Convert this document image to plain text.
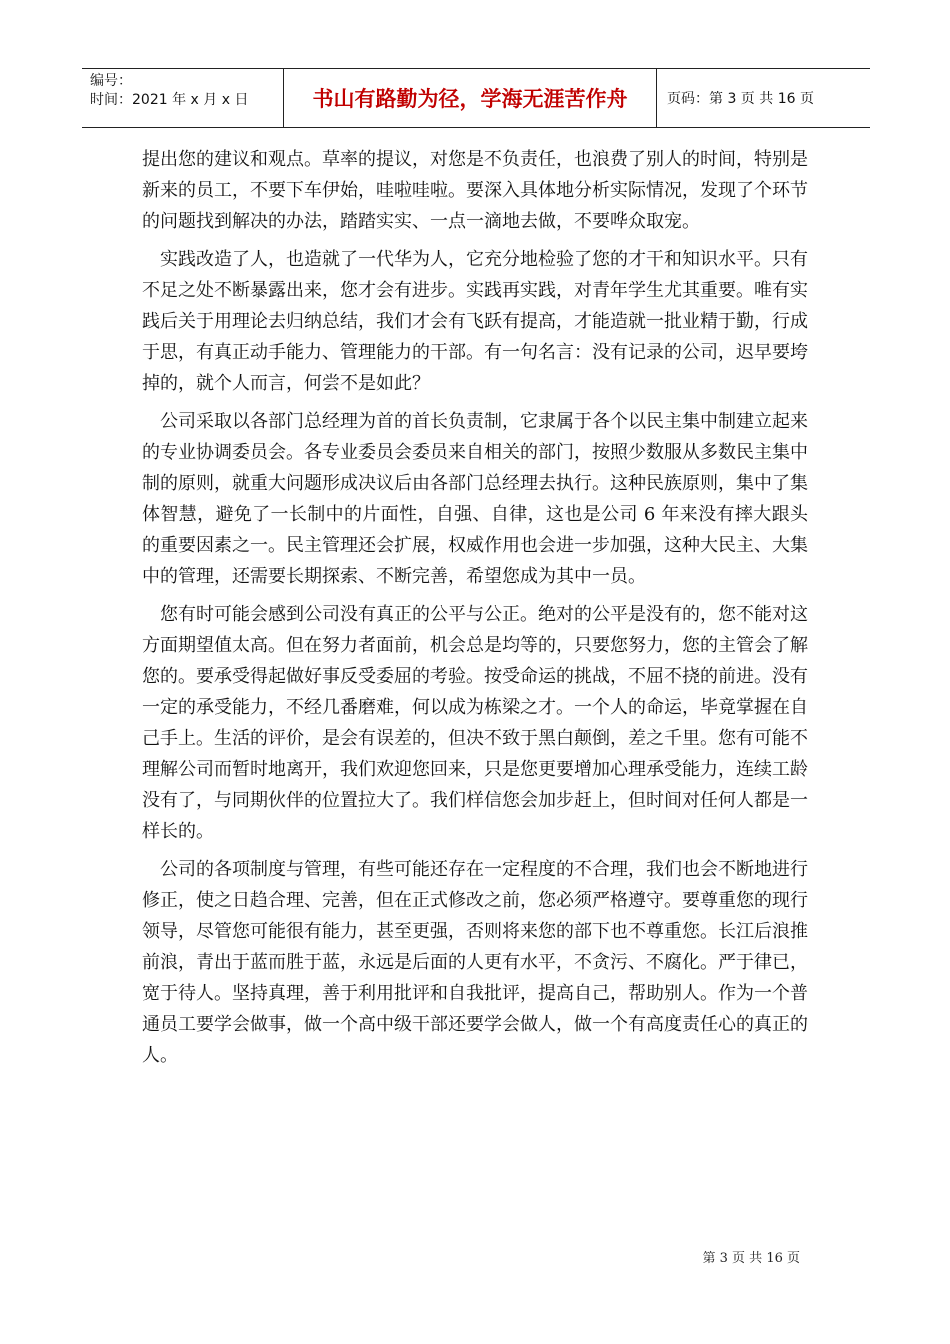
编号：
时间：2021 年 x 月 x 日	书山有路勤为径，学海无涯苦作舟	页码：第 3 页 共 16 页

提出您的建议和观点。草率的提议，对您是不负责任，也浪费了别人的时间，特别是新来的员工，不要下车伊始，哇啦哇啦。要深入具体地分析实际情况，发现了个环节的问题找到解决的办法，踏踏实实、一点一滴地去做，不要哗众取宠。

实践改造了人，也造就了一代华为人，它充分地检验了您的才干和知识水平。只有不足之处不断暴露出来，您才会有进步。实践再实践，对青年学生尤其重要。唯有实践后关于用理论去归纳总结，我们才会有飞跃有提高，才能造就一批业精于勤，行成于思，有真正动手能力、管理能力的干部。有一句名言：没有记录的公司，迟早要垮掉的，就个人而言，何尝不是如此？

公司采取以各部门总经理为首的首长负责制，它隶属于各个以民主集中制建立起来的专业协调委员会。各专业委员会委员来自相关的部门，按照少数服从多数民主集中制的原则，就重大问题形成决议后由各部门总经理去执行。这种民族原则，集中了集体智慧，避免了一长制中的片面性，自强、自律，这也是公司 6 年来没有摔大跟头的重要因素之一。民主管理还会扩展，权威作用也会进一步加强，这种大民主、大集中的管理，还需要长期探索、不断完善，希望您成为其中一员。

您有时可能会感到公司没有真正的公平与公正。绝对的公平是没有的，您不能对这方面期望值太高。但在努力者面前，机会总是均等的，只要您努力，您的主管会了解您的。要承受得起做好事反受委屈的考验。按受命运的挑战，不屈不挠的前进。没有一定的承受能力，不经几番磨难，何以成为栋梁之才。一个人的命运，毕竟掌握在自己手上。生活的评价，是会有误差的，但决不致于黑白颠倒，差之千里。您有可能不理解公司而暂时地离开，我们欢迎您回来，只是您更要增加心理承受能力，连续工龄没有了，与同期伙伴的位置拉大了。我们样信您会加步赶上，但时间对任何人都是一样长的。

公司的各项制度与管理，有些可能还存在一定程度的不合理，我们也会不断地进行修正，使之日趋合理、完善，但在正式修改之前，您必须严格遵守。要尊重您的现行领导，尽管您可能很有能力，甚至更强，否则将来您的部下也不尊重您。长江后浪推前浪，青出于蓝而胜于蓝，永远是后面的人更有水平，不贪污、不腐化。严于律已，宽于待人。坚持真理，善于利用批评和自我批评，提高自己，帮助别人。作为一个普通员工要学会做事，做一个高中级干部还要学会做人，做一个有高度责任心的真正的人。

第 3 页 共 16 页
